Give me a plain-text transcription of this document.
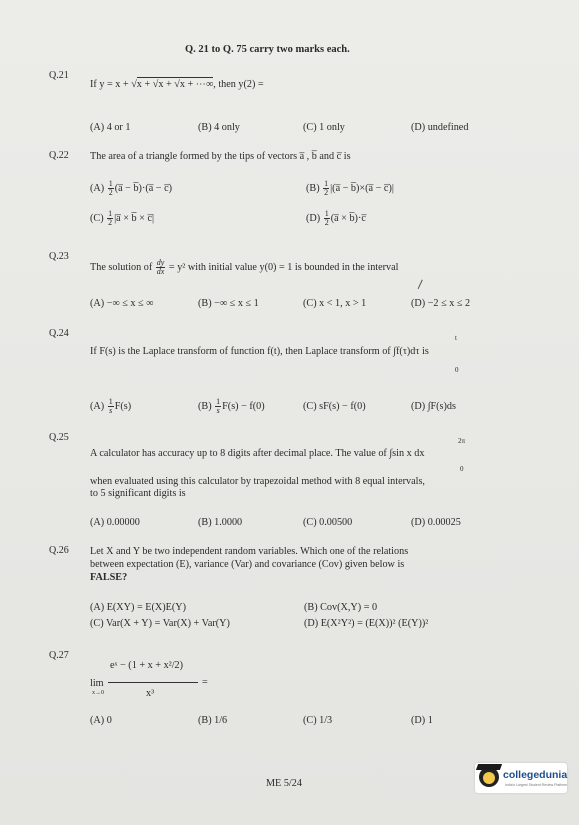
Q. 21 to Q. 75 carry two marks each.
Q.21
If y = x + √x + √x + √x + ⋯∞, then y(2) =
(A) 4 or 1	(B) 4 only	(C) 1 only	(D) undefined
Q.22 The area of a triangle formed by the tips of vectors a̅ , b̅ and c̅ is
$(A) \frac{1}{2}$ (a̅ − b̅)·(a̅ − c̅)	$(B) \frac{1}{2}$ |(a̅ − b̅)×(a̅ − c̅)|
$(C) \frac{1}{2}$ |a̅ × b̅ × c̅|	$(D) \frac{1}{2}$ (a̅ × b̅)·c̅
Q.23
The solution of $\frac{dy}{dx} = y^2$ with initial value y(0) = 1 is bounded in the interval
(A) −∞ ≤ x ≤ ∞	(B) −∞ ≤ x ≤ 1	(C) x < 1, x > 1	(D) −2 ≤ x ≤ 2
Q.24	t
If F(s) is the Laplace transform of function f(t), then Laplace transform of ∫f(τ)dτ is
0
$(A) \frac{1}{s} F(s)$	$(B) \frac{1}{s} F(s) - f(0)$	(C) sF(s) − f(0)	(D) ∫F(s)ds
Q.25	2π
A calculator has accuracy up to 8 digits after decimal place. The value of ∫sin x dx
0
when evaluated using this calculator by trapezoidal method with 8 equal intervals,
to 5 significant digits is
(A) 0.00000	(B) 1.0000	(C) 0.00500	(D) 0.00025
Q.26 Let X and Y be two independent random variables. Which one of the relations
between expectation (E), variance (Var) and covariance (Cov) given below is
FALSE?
(A) E(XY) = E(X)E(Y)	(B) Cov(X,Y) = 0
(C) Var(X + Y) = Var(X) + Var(Y)	(D) E(X²Y²) = (E(X))² (E(Y))²
Q.27
eˣ − (1 + x + x²/2)
lim
x→0	x³
=
(A) 0	(B) 1/6	(C) 1/3	(D) 1
ME 5/24
collegedunia
India's Largest Student Review Platform
